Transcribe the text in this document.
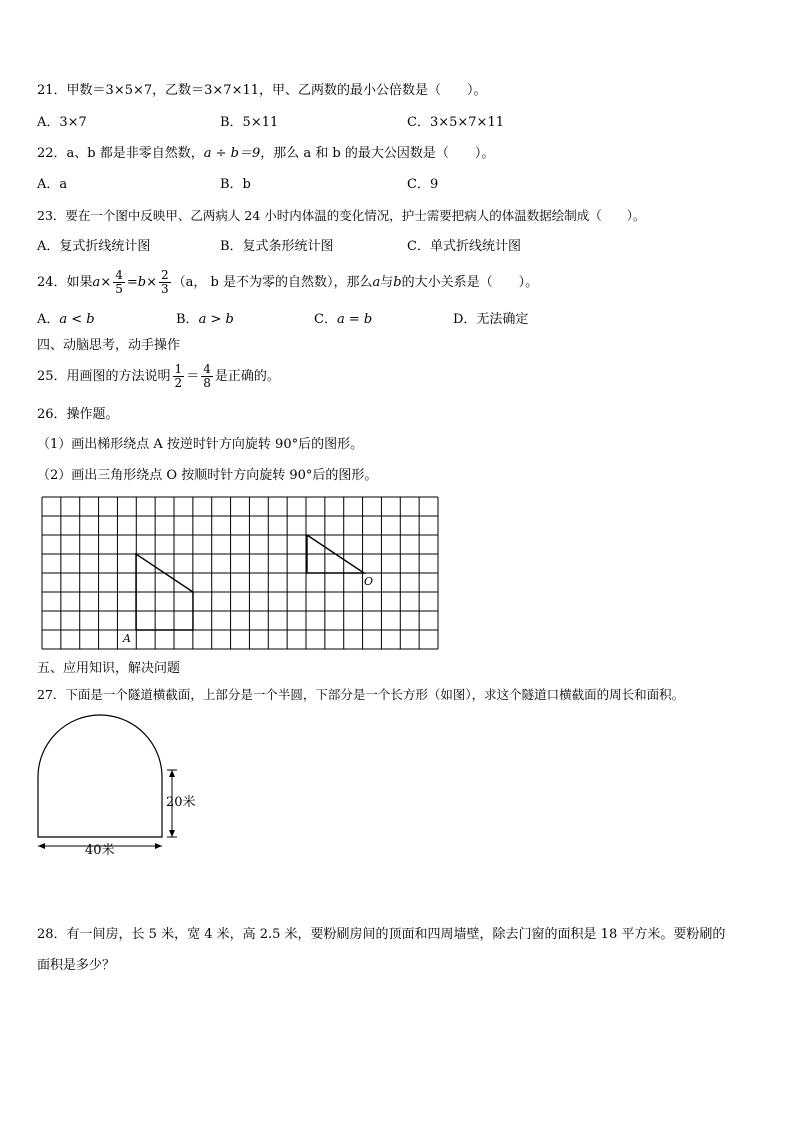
21．甲数＝3×5×7，乙数＝3×7×11，甲、乙两数的最小公倍数是（　　）。
A．3×7	B．5×11	C．3×5×7×11
22．a、b 都是非零自然数，a ÷ b＝9，那么 a 和 b 的最大公因数是（　　）。
A．a	B．b	C．9
23．要在一个图中反映甲、乙两病人 24 小时内体温的变化情况，护士需要把病人的体温数据绘制成（　　）。
A．复式折线统计图	B．复式条形统计图	C．单式折线统计图
24．如果$a\times \frac{4}{5} =b\times \frac{2}{3} (a$， b 是不为零的自然数），那么a与b的大小关系是（　　）。
A．a < b	B．a > b	C．a = b	D．无法确定
四、动脑思考，动手操作
25．用画图的方法说明 $\frac{1}{2} = \frac{4}{8}$ 是正确的。
26．操作题。
（1）画出梯形绕点 A 按逆时针方向旋转 90°后的图形。
（2）画出三角形绕点 O 按顺时针方向旋转 90°后的图形。
A
O
五、应用知识，解决问题
27．下面是一个隧道横截面，上部分是一个半圆，下部分是一个长方形（如图），求这个隧道口横截面的周长和面积。
20米
40米
28．有一间房，长 5 米，宽 4 米，高 2.5 米，要粉刷房间的顶面和四周墙壁，除去门窗的面积是 18 平方米。要粉刷的
面积是多少？
